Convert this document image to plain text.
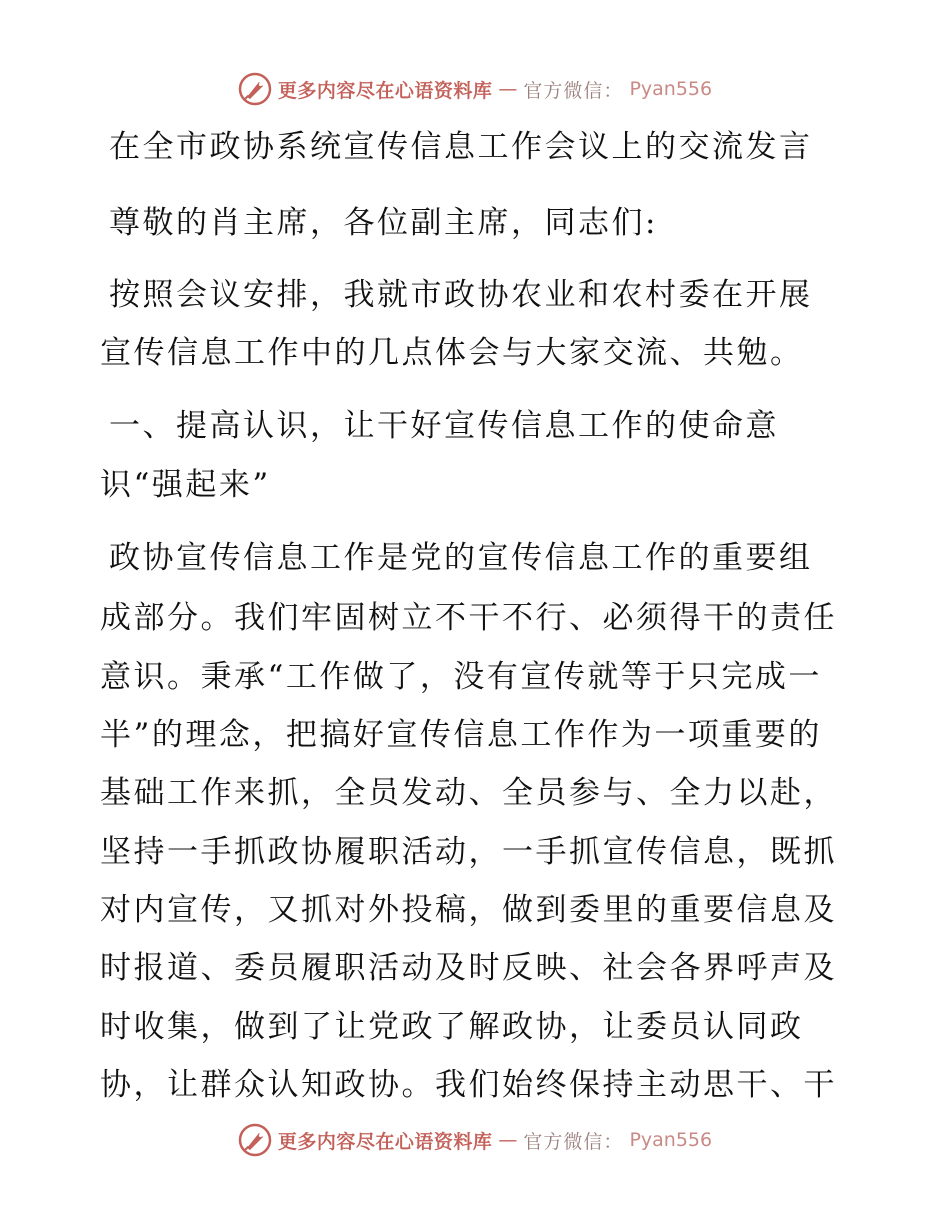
更多内容尽在心语资料库 — 官方微信： Pyan556
在全市政协系统宣传信息工作会议上的交流发言
尊敬的肖主席，各位副主席，同志们:
按照会议安排，我就市政协农业和农村委在开展
宣传信息工作中的几点体会与大家交流、共勉。
一、提高认识，让干好宣传信息工作的使命意
识“强起来”
政协宣传信息工作是党的宣传信息工作的重要组
成部分。我们牢固树立不干不行、必须得干的责任
意识。秉承“工作做了，没有宣传就等于只完成一
半”的理念，把搞好宣传信息工作作为一项重要的
基础工作来抓，全员发动、全员参与、全力以赴，
坚持一手抓政协履职活动，一手抓宣传信息，既抓
对内宣传，又抓对外投稿，做到委里的重要信息及
时报道、委员履职活动及时反映、社会各界呼声及
时收集，做到了让党政了解政协，让委员认同政
协，让群众认知政协。我们始终保持主动思干、干
更多内容尽在心语资料库 — 官方微信： Pyan556
